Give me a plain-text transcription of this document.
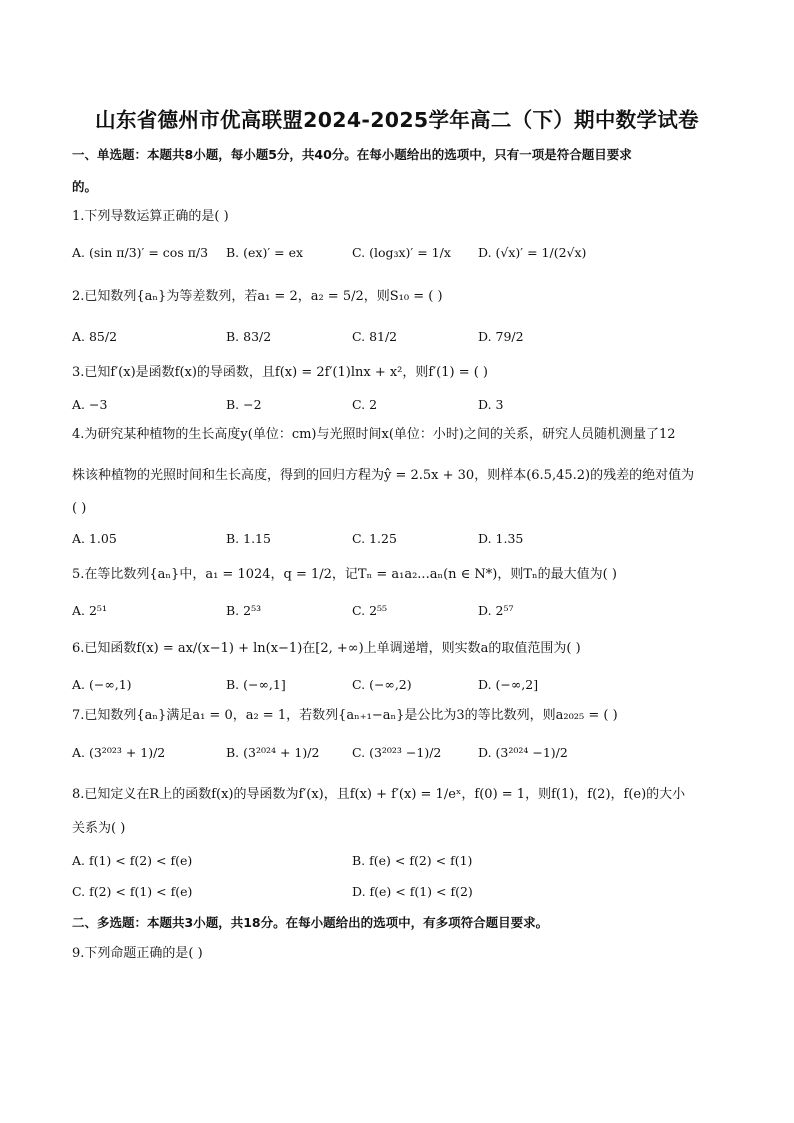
山东省德州市优高联盟2024-2025学年高二（下）期中数学试卷
一、单选题：本题共8小题，每小题5分，共40分。在每小题给出的选项中，只有一项是符合题目要求
的。
1.下列导数运算正确的是( )
A. (sin π/3)′ = cos π/3 B. (ex)′ = ex	C. (log₃x)′ = 1/x D. (√x)′ = 1/(2√x)
2.已知数列{aₙ}为等差数列，若a₁ = 2，a₂ = 5/2，则S₁₀ = ( )
A. 85/2	B. 83/2	C. 81/2	D. 79/2
3.已知f′(x)是函数f(x)的导函数，且f(x) = 2f′(1)lnx + x²，则f′(1) = ( )
A. −3	B. −2	C. 2	D. 3
4.为研究某种植物的生长高度y(单位：cm)与光照时间x(单位：小时)之间的关系，研究人员随机测量了12
株该种植物的光照时间和生长高度，得到的回归方程为ŷ = 2.5x + 30，则样本(6.5,45.2)的残差的绝对值为
( )
A. 1.05	B. 1.15	C. 1.25	D. 1.35
5.在等比数列{aₙ}中，a₁ = 1024，q = 1/2，记Tₙ = a₁a₂...aₙ(n ∈ N*)，则Tₙ的最大值为( )
A. 2⁵¹	B. 2⁵³	C. 2⁵⁵	D. 2⁵⁷
6.已知函数f(x) = ax/(x−1) + ln(x−1)在[2, +∞)上单调递增，则实数a的取值范围为( )
A. (−∞,1)	B. (−∞,1]	C. (−∞,2)	D. (−∞,2]
7.已知数列{aₙ}满足a₁ = 0，a₂ = 1，若数列{aₙ₊₁−aₙ}是公比为3的等比数列，则a₂₀₂₅ = ( )
A. (3²⁰²³ + 1)/2	B. (3²⁰²⁴ + 1)/2	C. (3²⁰²³ −1)/2	D. (3²⁰²⁴ −1)/2
8.已知定义在R上的函数f(x)的导函数为f′(x)，且f(x) + f′(x) = 1/eˣ，f(0) = 1，则f(1)，f(2)，f(e)的大小
关系为( )
A. f(1) < f(2) < f(e)	B. f(e) < f(2) < f(1)
C. f(2) < f(1) < f(e)	D. f(e) < f(1) < f(2)
二、多选题：本题共3小题，共18分。在每小题给出的选项中，有多项符合题目要求。
9.下列命题正确的是( )
